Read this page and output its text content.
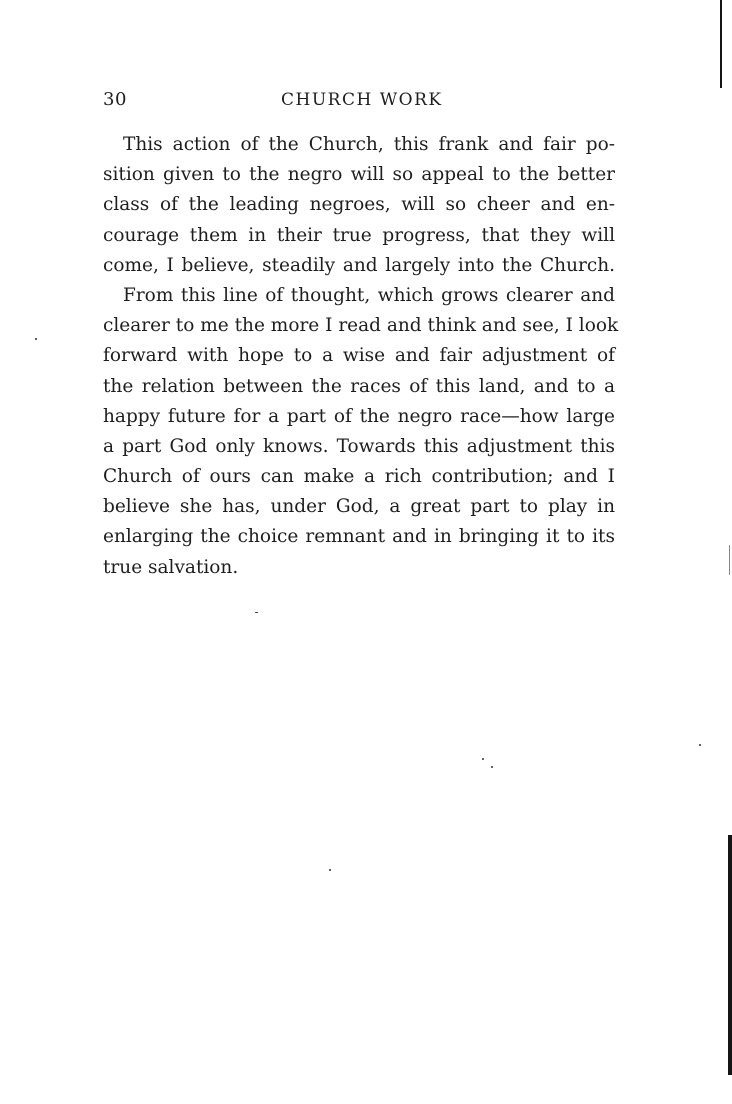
30	CHURCH WORK
This action of the Church, this frank and fair po-
sition given to the negro will so appeal to the better
class of the leading negroes, will so cheer and en-
courage them in their true progress, that they will
come, I believe, steadily and largely into the Church.
From this line of thought, which grows clearer and
clearer to me the more I read and think and see, I look
forward with hope to a wise and fair adjustment of
the relation between the races of this land, and to a
happy future for a part of the negro race—how large
a part God only knows. Towards this adjustment this
Church of ours can make a rich contribution; and I
believe she has, under God, a great part to play in
enlarging the choice remnant and in bringing it to its
true salvation.
